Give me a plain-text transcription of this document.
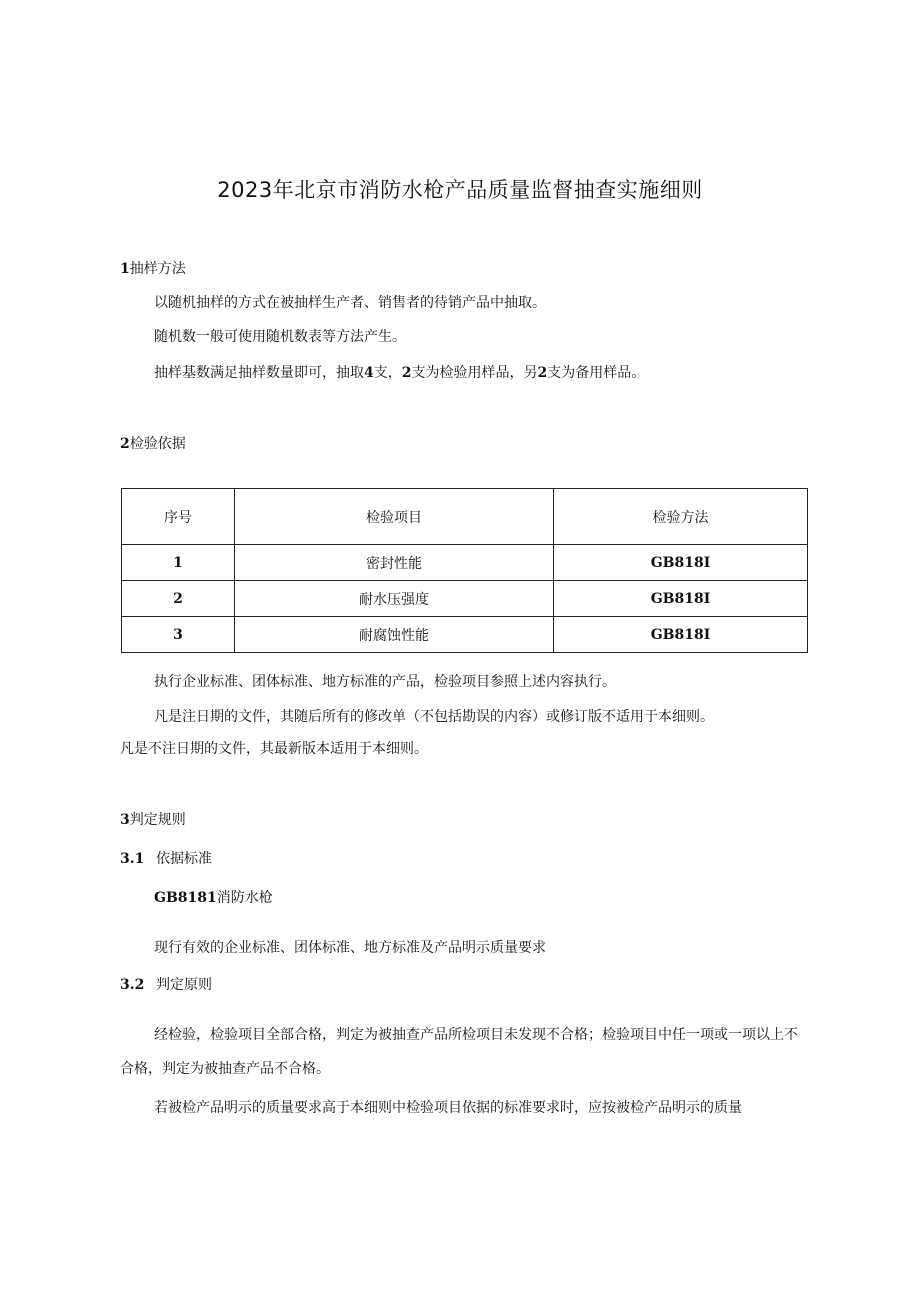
2023年北京市消防水枪产品质量监督抽查实施细则
1抽样方法
以随机抽样的方式在被抽样生产者、销售者的待销产品中抽取。
随机数一般可使用随机数表等方法产生。
抽样基数满足抽样数量即可，抽取4支，2支为检验用样品，另2支为备用样品。
2检验依据
序号	检验项目	检验方法
1	密封性能	GB818I
2	耐水压强度	GB818I
3	耐腐蚀性能	GB818I
执行企业标准、团体标准、地方标准的产品，检验项目参照上述内容执行。
凡是注日期的文件，其随后所有的修改单（不包括勘误的内容）或修订版不适用于本细则。
凡是不注日期的文件，其最新版本适用于本细则。
3判定规则
3.1 依据标准
GB8181消防水枪
现行有效的企业标准、团体标准、地方标准及产品明示质量要求
3.2 判定原则
经检验，检验项目全部合格，判定为被抽查产品所检项目未发现不合格；检验项目中任一项或一项以上不合格，判定为被抽查产品不合格。
若被检产品明示的质量要求高于本细则中检验项目依据的标准要求时，应按被检产品明示的质量
